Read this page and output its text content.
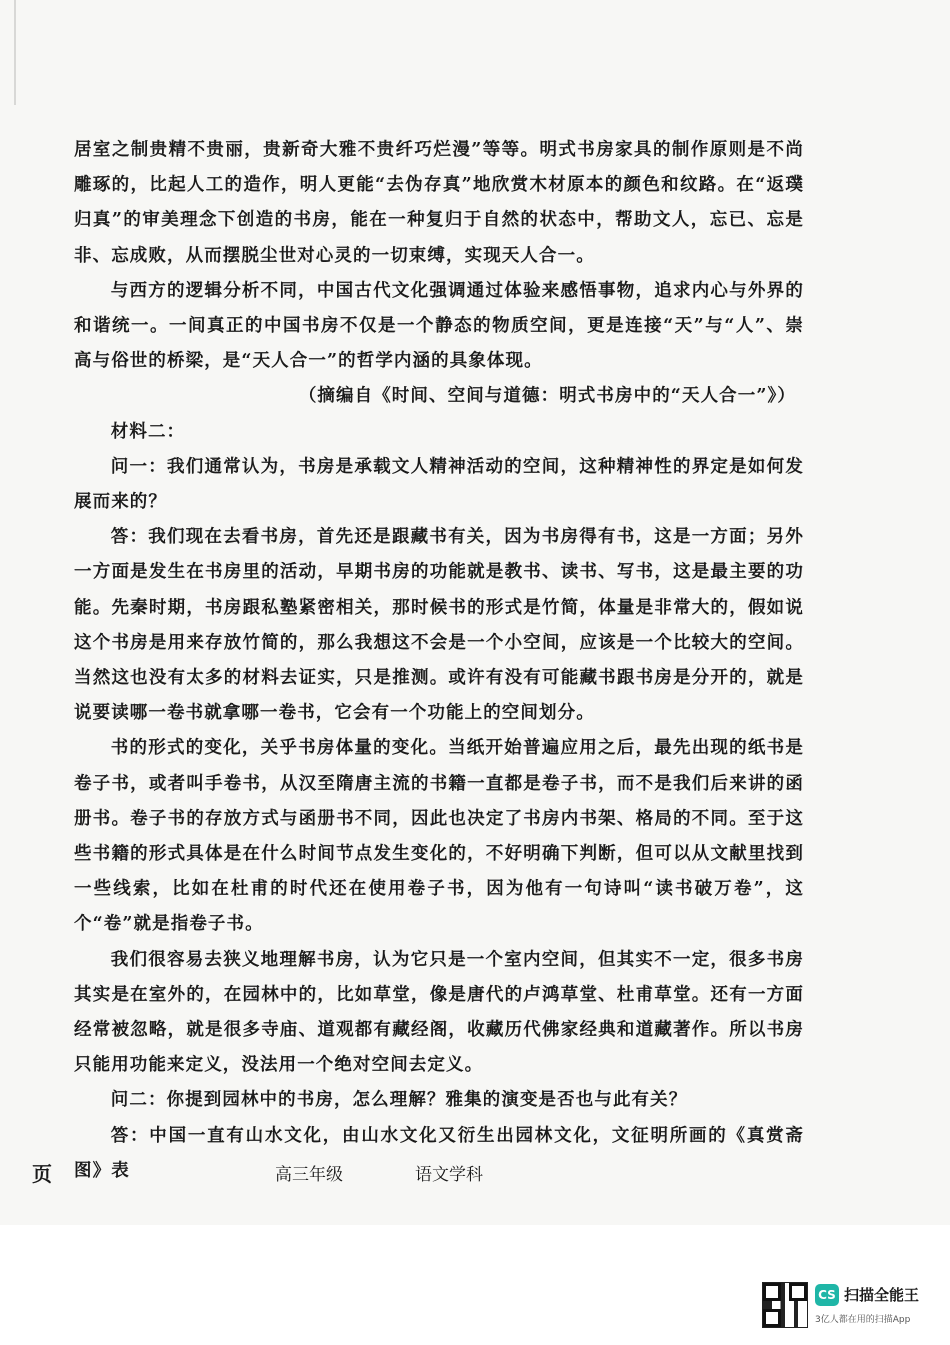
居室之制贵精不贵丽，贵新奇大雅不贵纤巧烂漫”等等。明式书房家具的制作原则是不尚雕琢的，比起人工的造作，明人更能“去伪存真”地欣赏木材原本的颜色和纹路。在“返璞归真”的审美理念下创造的书房，能在一种复归于自然的状态中，帮助文人，忘已、忘是非、忘成败，从而摆脱尘世对心灵的一切束缚，实现天人合一。

与西方的逻辑分析不同，中国古代文化强调通过体验来感悟事物，追求内心与外界的和谐统一。一间真正的中国书房不仅是一个静态的物质空间，更是连接“天”与“人”、崇高与俗世的桥梁，是“天人合一”的哲学内涵的具象体现。

（摘编自《时间、空间与道德：明式书房中的“天人合一”》）

材料二：

问一：我们通常认为，书房是承载文人精神活动的空间，这种精神性的界定是如何发展而来的？

答：我们现在去看书房，首先还是跟藏书有关，因为书房得有书，这是一方面；另外一方面是发生在书房里的活动，早期书房的功能就是教书、读书、写书，这是最主要的功能。先秦时期，书房跟私塾紧密相关，那时候书的形式是竹简，体量是非常大的，假如说这个书房是用来存放竹简的，那么我想这不会是一个小空间，应该是一个比较大的空间。当然这也没有太多的材料去证实，只是推测。或许有没有可能藏书跟书房是分开的，就是说要读哪一卷书就拿哪一卷书，它会有一个功能上的空间划分。

书的形式的变化，关乎书房体量的变化。当纸开始普遍应用之后，最先出现的纸书是卷子书，或者叫手卷书，从汉至隋唐主流的书籍一直都是卷子书，而不是我们后来讲的函册书。卷子书的存放方式与函册书不同，因此也决定了书房内书架、格局的不同。至于这些书籍的形式具体是在什么时间节点发生变化的，不好明确下判断，但可以从文献里找到一些线索，比如在杜甫的时代还在使用卷子书，因为他有一句诗叫“读书破万卷”，这个“卷”就是指卷子书。

我们很容易去狭义地理解书房，认为它只是一个室内空间，但其实不一定，很多书房其实是在室外的，在园林中的，比如草堂，像是唐代的卢鸿草堂、杜甫草堂。还有一方面经常被忽略，就是很多寺庙、道观都有藏经阁，收藏历代佛家经典和道藏著作。所以书房只能用功能来定义，没法用一个绝对空间去定义。

问二：你提到园林中的书房，怎么理解？雅集的演变是否也与此有关？

答：中国一直有山水文化，由山水文化又衍生出园林文化，文征明所画的《真赏斋图》表

页	高三年级	语文学科
CS 扫描全能王
3亿人都在用的扫描App
